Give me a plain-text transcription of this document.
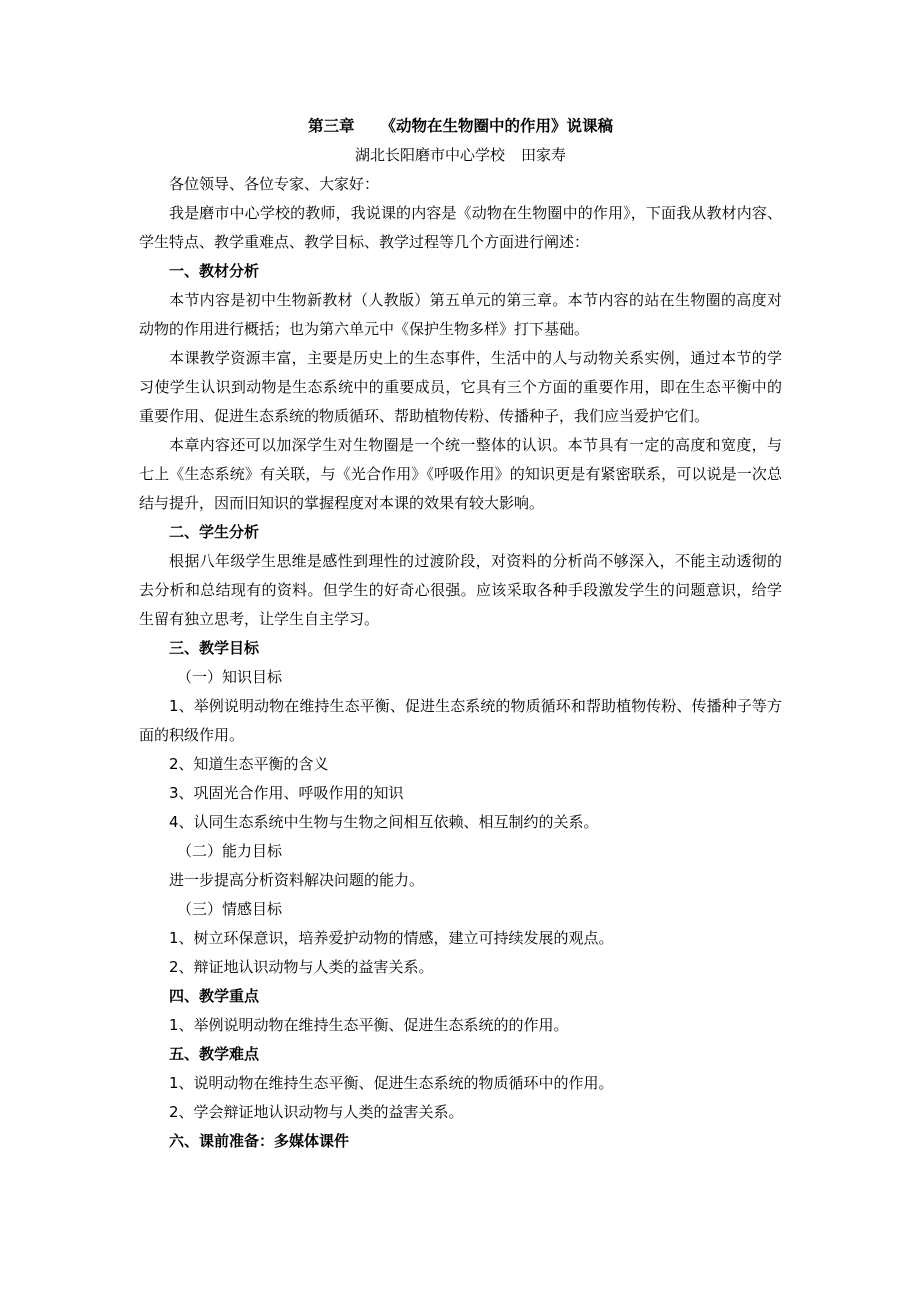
第三章 《动物在生物圈中的作用》说课稿
湖北长阳磨市中心学校 田家寿

各位领导、各位专家、大家好：

我是磨市中心学校的教师，我说课的内容是《动物在生物圈中的作用》，下面我从教材内容、学生特点、教学重难点、教学目标、教学过程等几个方面进行阐述：

一、教材分析

本节内容是初中生物新教材（人教版）第五单元的第三章。本节内容的站在生物圈的高度对动物的作用进行概括；也为第六单元中《保护生物多样》打下基础。

本课教学资源丰富，主要是历史上的生态事件，生活中的人与动物关系实例，通过本节的学习使学生认识到动物是生态系统中的重要成员，它具有三个方面的重要作用，即在生态平衡中的重要作用、促进生态系统的物质循环、帮助植物传粉、传播种子，我们应当爱护它们。

本章内容还可以加深学生对生物圈是一个统一整体的认识。本节具有一定的高度和宽度，与七上《生态系统》有关联，与《光合作用》《呼吸作用》的知识更是有紧密联系，可以说是一次总结与提升，因而旧知识的掌握程度对本课的效果有较大影响。

二、学生分析

根据八年级学生思维是感性到理性的过渡阶段，对资料的分析尚不够深入，不能主动透彻的去分析和总结现有的资料。但学生的好奇心很强。应该采取各种手段激发学生的问题意识，给学生留有独立思考，让学生自主学习。

三、教学目标

（一）知识目标

1、举例说明动物在维持生态平衡、促进生态系统的物质循环和帮助植物传粉、传播种子等方面的积级作用。

2、知道生态平衡的含义

3、巩固光合作用、呼吸作用的知识

4、认同生态系统中生物与生物之间相互依赖、相互制约的关系。

（二）能力目标

进一步提高分析资料解决问题的能力。

（三）情感目标

1、树立环保意识，培养爱护动物的情感，建立可持续发展的观点。

2、辩证地认识动物与人类的益害关系。

四、教学重点

1、举例说明动物在维持生态平衡、促进生态系统的的作用。

五、教学难点

1、说明动物在维持生态平衡、促进生态系统的物质循环中的作用。

2、学会辩证地认识动物与人类的益害关系。

六、课前准备：多媒体课件
